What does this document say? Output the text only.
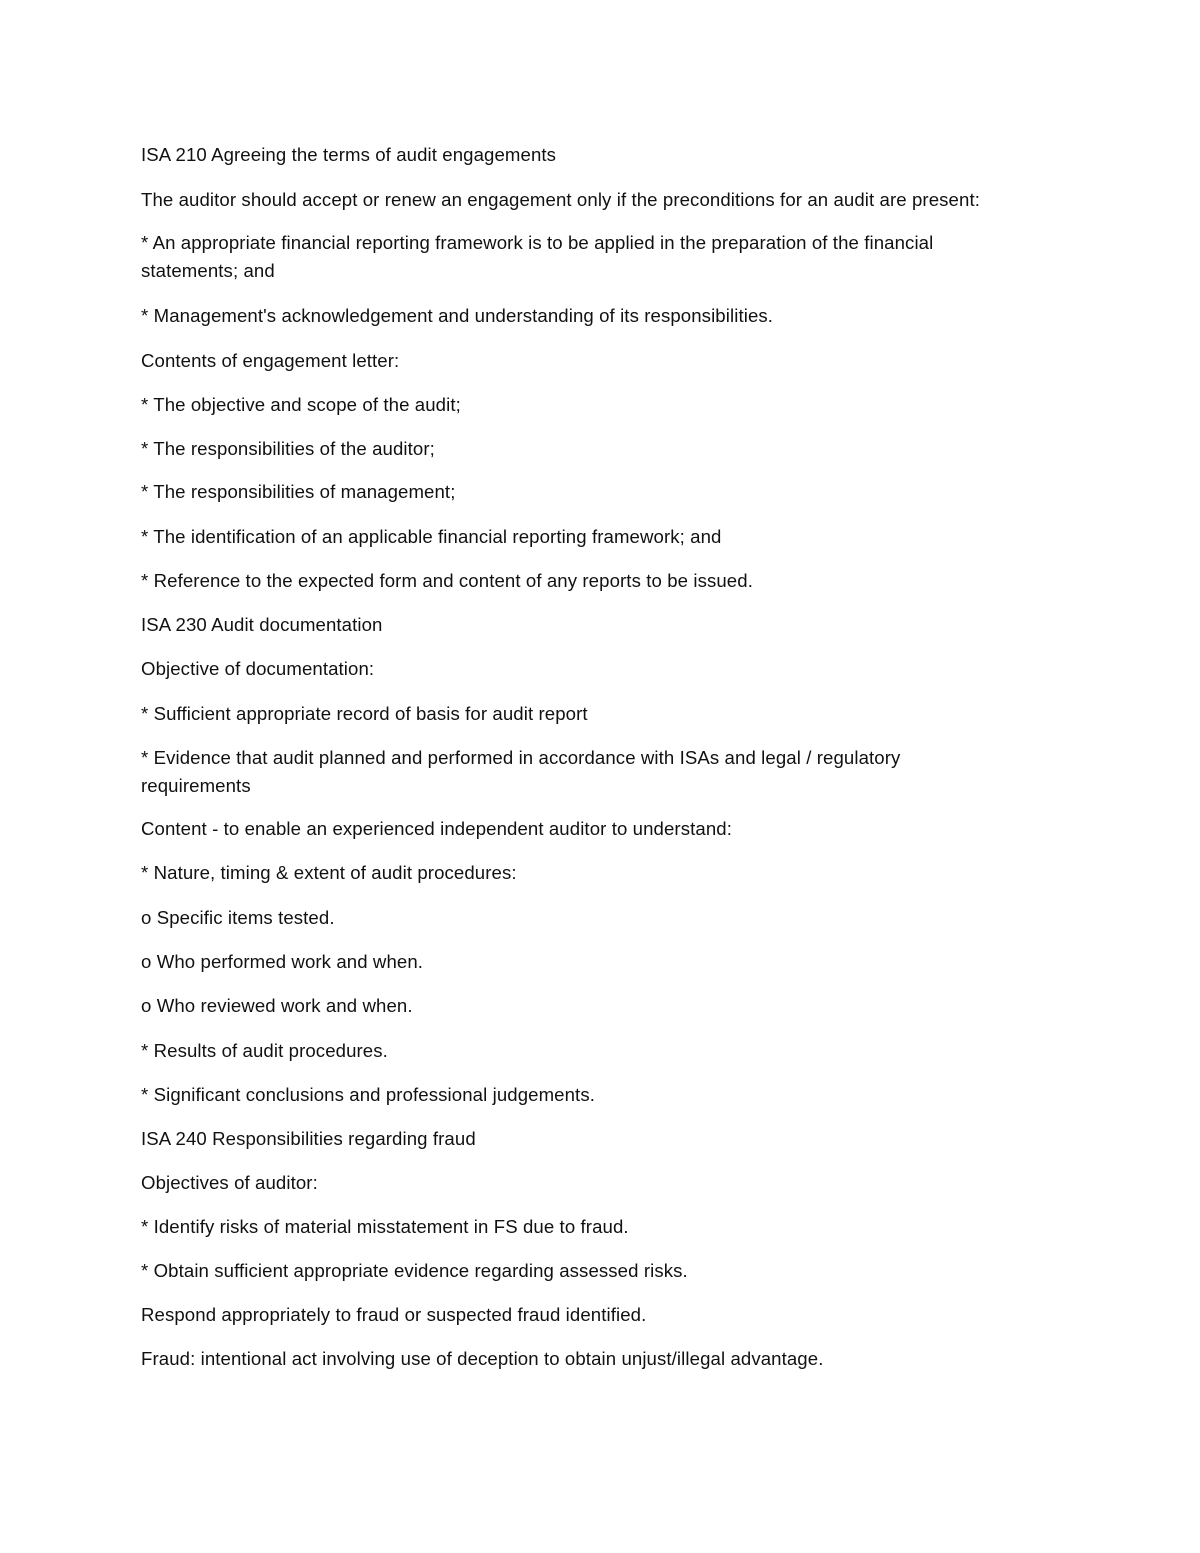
ISA 210 Agreeing the terms of audit engagements
The auditor should accept or renew an engagement only if the preconditions for an audit are present:
* An appropriate financial reporting framework is to be applied in the preparation of the financial
statements; and
* Management's acknowledgement and understanding of its responsibilities.
Contents of engagement letter:
* The objective and scope of the audit;
* The responsibilities of the auditor;
* The responsibilities of management;
* The identification of an applicable financial reporting framework; and
* Reference to the expected form and content of any reports to be issued.
ISA 230 Audit documentation
Objective of documentation:
* Sufficient appropriate record of basis for audit report
* Evidence that audit planned and performed in accordance with ISAs and legal / regulatory
requirements
Content - to enable an experienced independent auditor to understand:
* Nature, timing & extent of audit procedures:
o Specific items tested.
o Who performed work and when.
o Who reviewed work and when.
* Results of audit procedures.
* Significant conclusions and professional judgements.
ISA 240 Responsibilities regarding fraud
Objectives of auditor:
* Identify risks of material misstatement in FS due to fraud.
* Obtain sufficient appropriate evidence regarding assessed risks.
Respond appropriately to fraud or suspected fraud identified.
Fraud: intentional act involving use of deception to obtain unjust/illegal advantage.
